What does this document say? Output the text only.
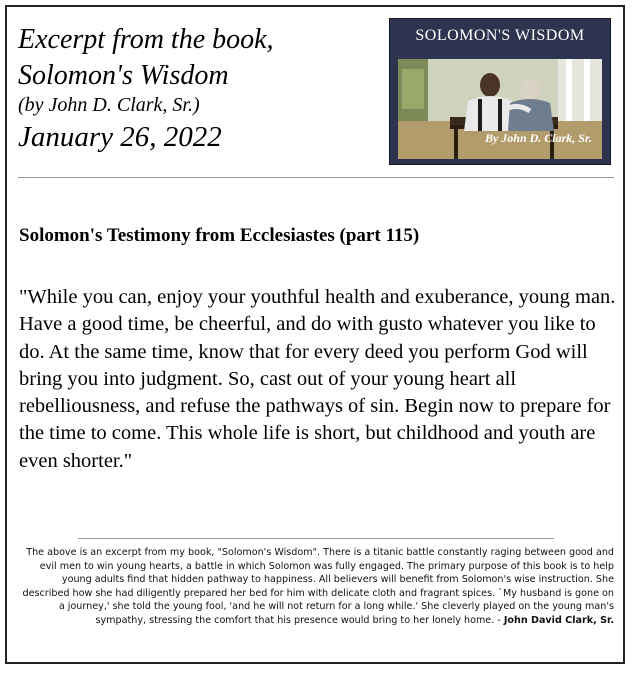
Excerpt from the book,
Solomon's Wisdom
(by John D. Clark, Sr.)
January 26, 2022
SOLOMON'S WISDOM
By John D. Clark, Sr.
Solomon's Testimony from Ecclesiastes (part 115)
"While you can, enjoy your youthful health and exuberance, young man. Have a good time, be cheerful, and do with gusto whatever you like to do. At the same time, know that for every deed you perform God will bring you into judgment. So, cast out of your young heart all rebelliousness, and refuse the pathways of sin. Begin now to prepare for the time to come. This whole life is short, but childhood and youth are even shorter."
The above is an excerpt from my book, "Solomon's Wisdom". There is a titanic battle constantly raging between good and evil men to win young hearts, a battle in which Solomon was fully engaged. The primary purpose of this book is to help young adults find that hidden pathway to happiness. All believers will benefit from Solomon's wise instruction. She described how she had diligently prepared her bed for him with delicate cloth and fragrant spices. `My husband is gone on a journey,' she told the young fool, 'and he will not return for a long while.' She cleverly played on the young man's sympathy, stressing the comfort that his presence would bring to her lonely home. - John David Clark, Sr.
